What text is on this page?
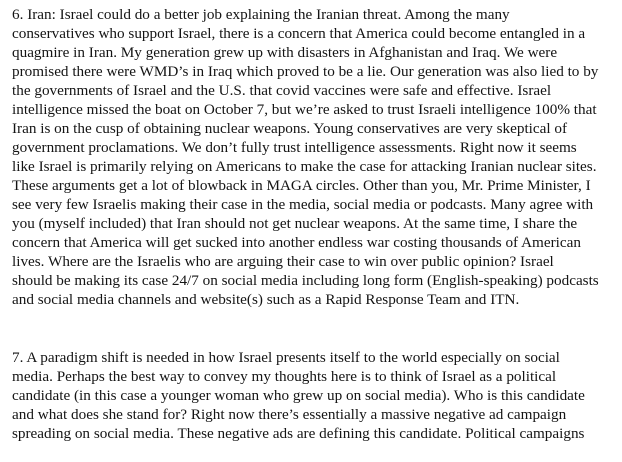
6. Iran: Israel could do a better job explaining the Iranian threat. Among the many
conservatives who support Israel, there is a concern that America could become entangled in a
quagmire in Iran. My generation grew up with disasters in Afghanistan and Iraq. We were
promised there were WMD’s in Iraq which proved to be a lie. Our generation was also lied to by
the governments of Israel and the U.S. that covid vaccines were safe and effective. Israel
intelligence missed the boat on October 7, but we’re asked to trust Israeli intelligence 100% that
Iran is on the cusp of obtaining nuclear weapons. Young conservatives are very skeptical of
government proclamations. We don’t fully trust intelligence assessments. Right now it seems
like Israel is primarily relying on Americans to make the case for attacking Iranian nuclear sites.
These arguments get a lot of blowback in MAGA circles. Other than you, Mr. Prime Minister, I
see very few Israelis making their case in the media, social media or podcasts. Many agree with
you (myself included) that Iran should not get nuclear weapons. At the same time, I share the
concern that America will get sucked into another endless war costing thousands of American
lives. Where are the Israelis who are arguing their case to win over public opinion? Israel
should be making its case 24/7 on social media including long form (English-speaking) podcasts
and social media channels and website(s) such as a Rapid Response Team and ITN.
7. A paradigm shift is needed in how Israel presents itself to the world especially on social
media. Perhaps the best way to convey my thoughts here is to think of Israel as a political
candidate (in this case a younger woman who grew up on social media). Who is this candidate
and what does she stand for? Right now there’s essentially a massive negative ad campaign
spreading on social media. These negative ads are defining this candidate. Political campaigns
